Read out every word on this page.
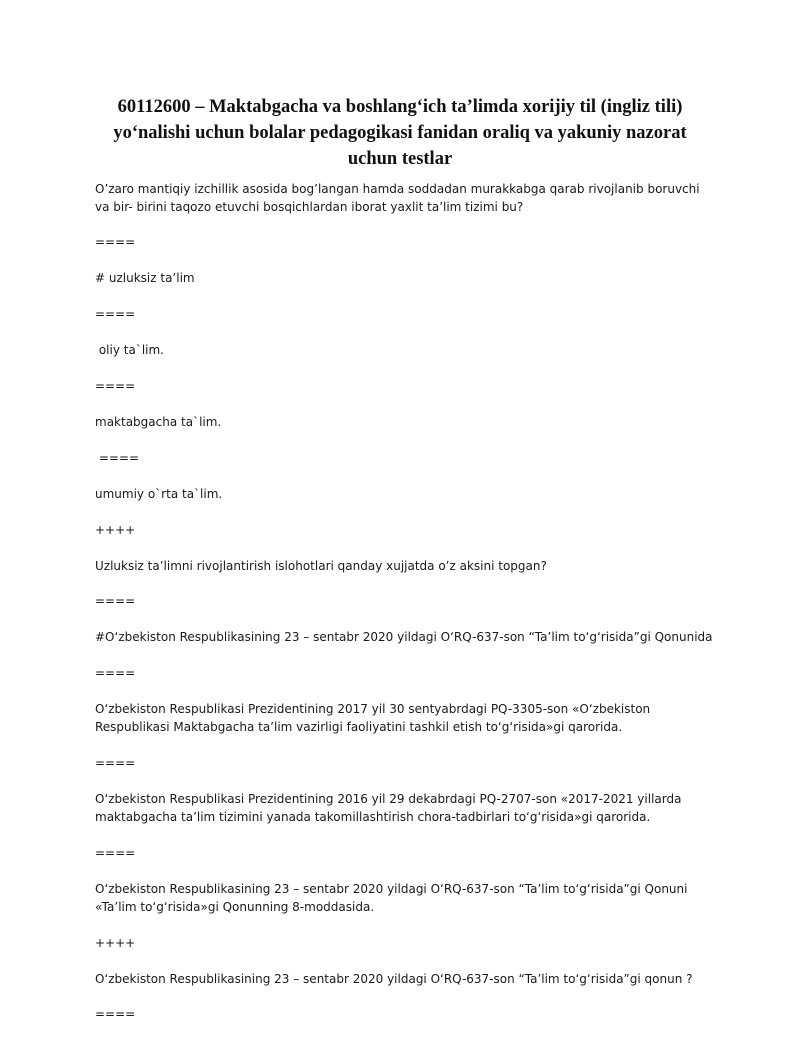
60112600 – Maktabgacha va boshlang‘ich ta’limda xorijiy til (ingliz tili) yo‘nalishi uchun bolalar pedagogikasi fanidan oraliq va yakuniy nazorat uchun testlar

O’zaro mantiqiy izchillik asosida bog’langan hamda soddadan murakkabga qarab rivojlanib boruvchi va bir- birini taqozo etuvchi bosqichlardan iborat yaxlit ta’lim tizimi bu?

====

# uzluksiz ta’lim

====

oliy ta`lim.

====

maktabgacha ta`lim.

====

umumiy o`rta ta`lim.

++++

Uzluksiz ta’limni rivojlantirish islohotlari qanday xujjatda o’z aksini topgan?

====

#O‘zbekiston Respublikasining 23 – sentabr 2020 yildagi O‘RQ-637-son “Ta’lim to‘g‘risida”gi Qonunida

====

O‘zbekiston Respublikasi Prezidentining 2017 yil 30 sentyabrdagi PQ-3305-son «O‘zbekiston Respublikasi Maktabgacha ta’lim vazirligi faoliyatini tashkil etish to‘g‘risida»gi qarorida.

====

O‘zbekiston Respublikasi Prezidentining 2016 yil 29 dekabrdagi PQ-2707-son «2017-2021 yillarda maktabgacha ta’lim tizimini yanada takomillashtirish chora-tadbirlari to‘g‘risida»gi qarorida.

====

O‘zbekiston Respublikasining 23 – sentabr 2020 yildagi O‘RQ-637-son “Ta’lim to‘g‘risida”gi Qonuni «Ta’lim to‘g‘risida»gi Qonunning 8-moddasida.

++++

O‘zbekiston Respublikasining 23 – sentabr 2020 yildagi O‘RQ-637-son “Ta’lim to‘g‘risida”gi qonun ?

====
